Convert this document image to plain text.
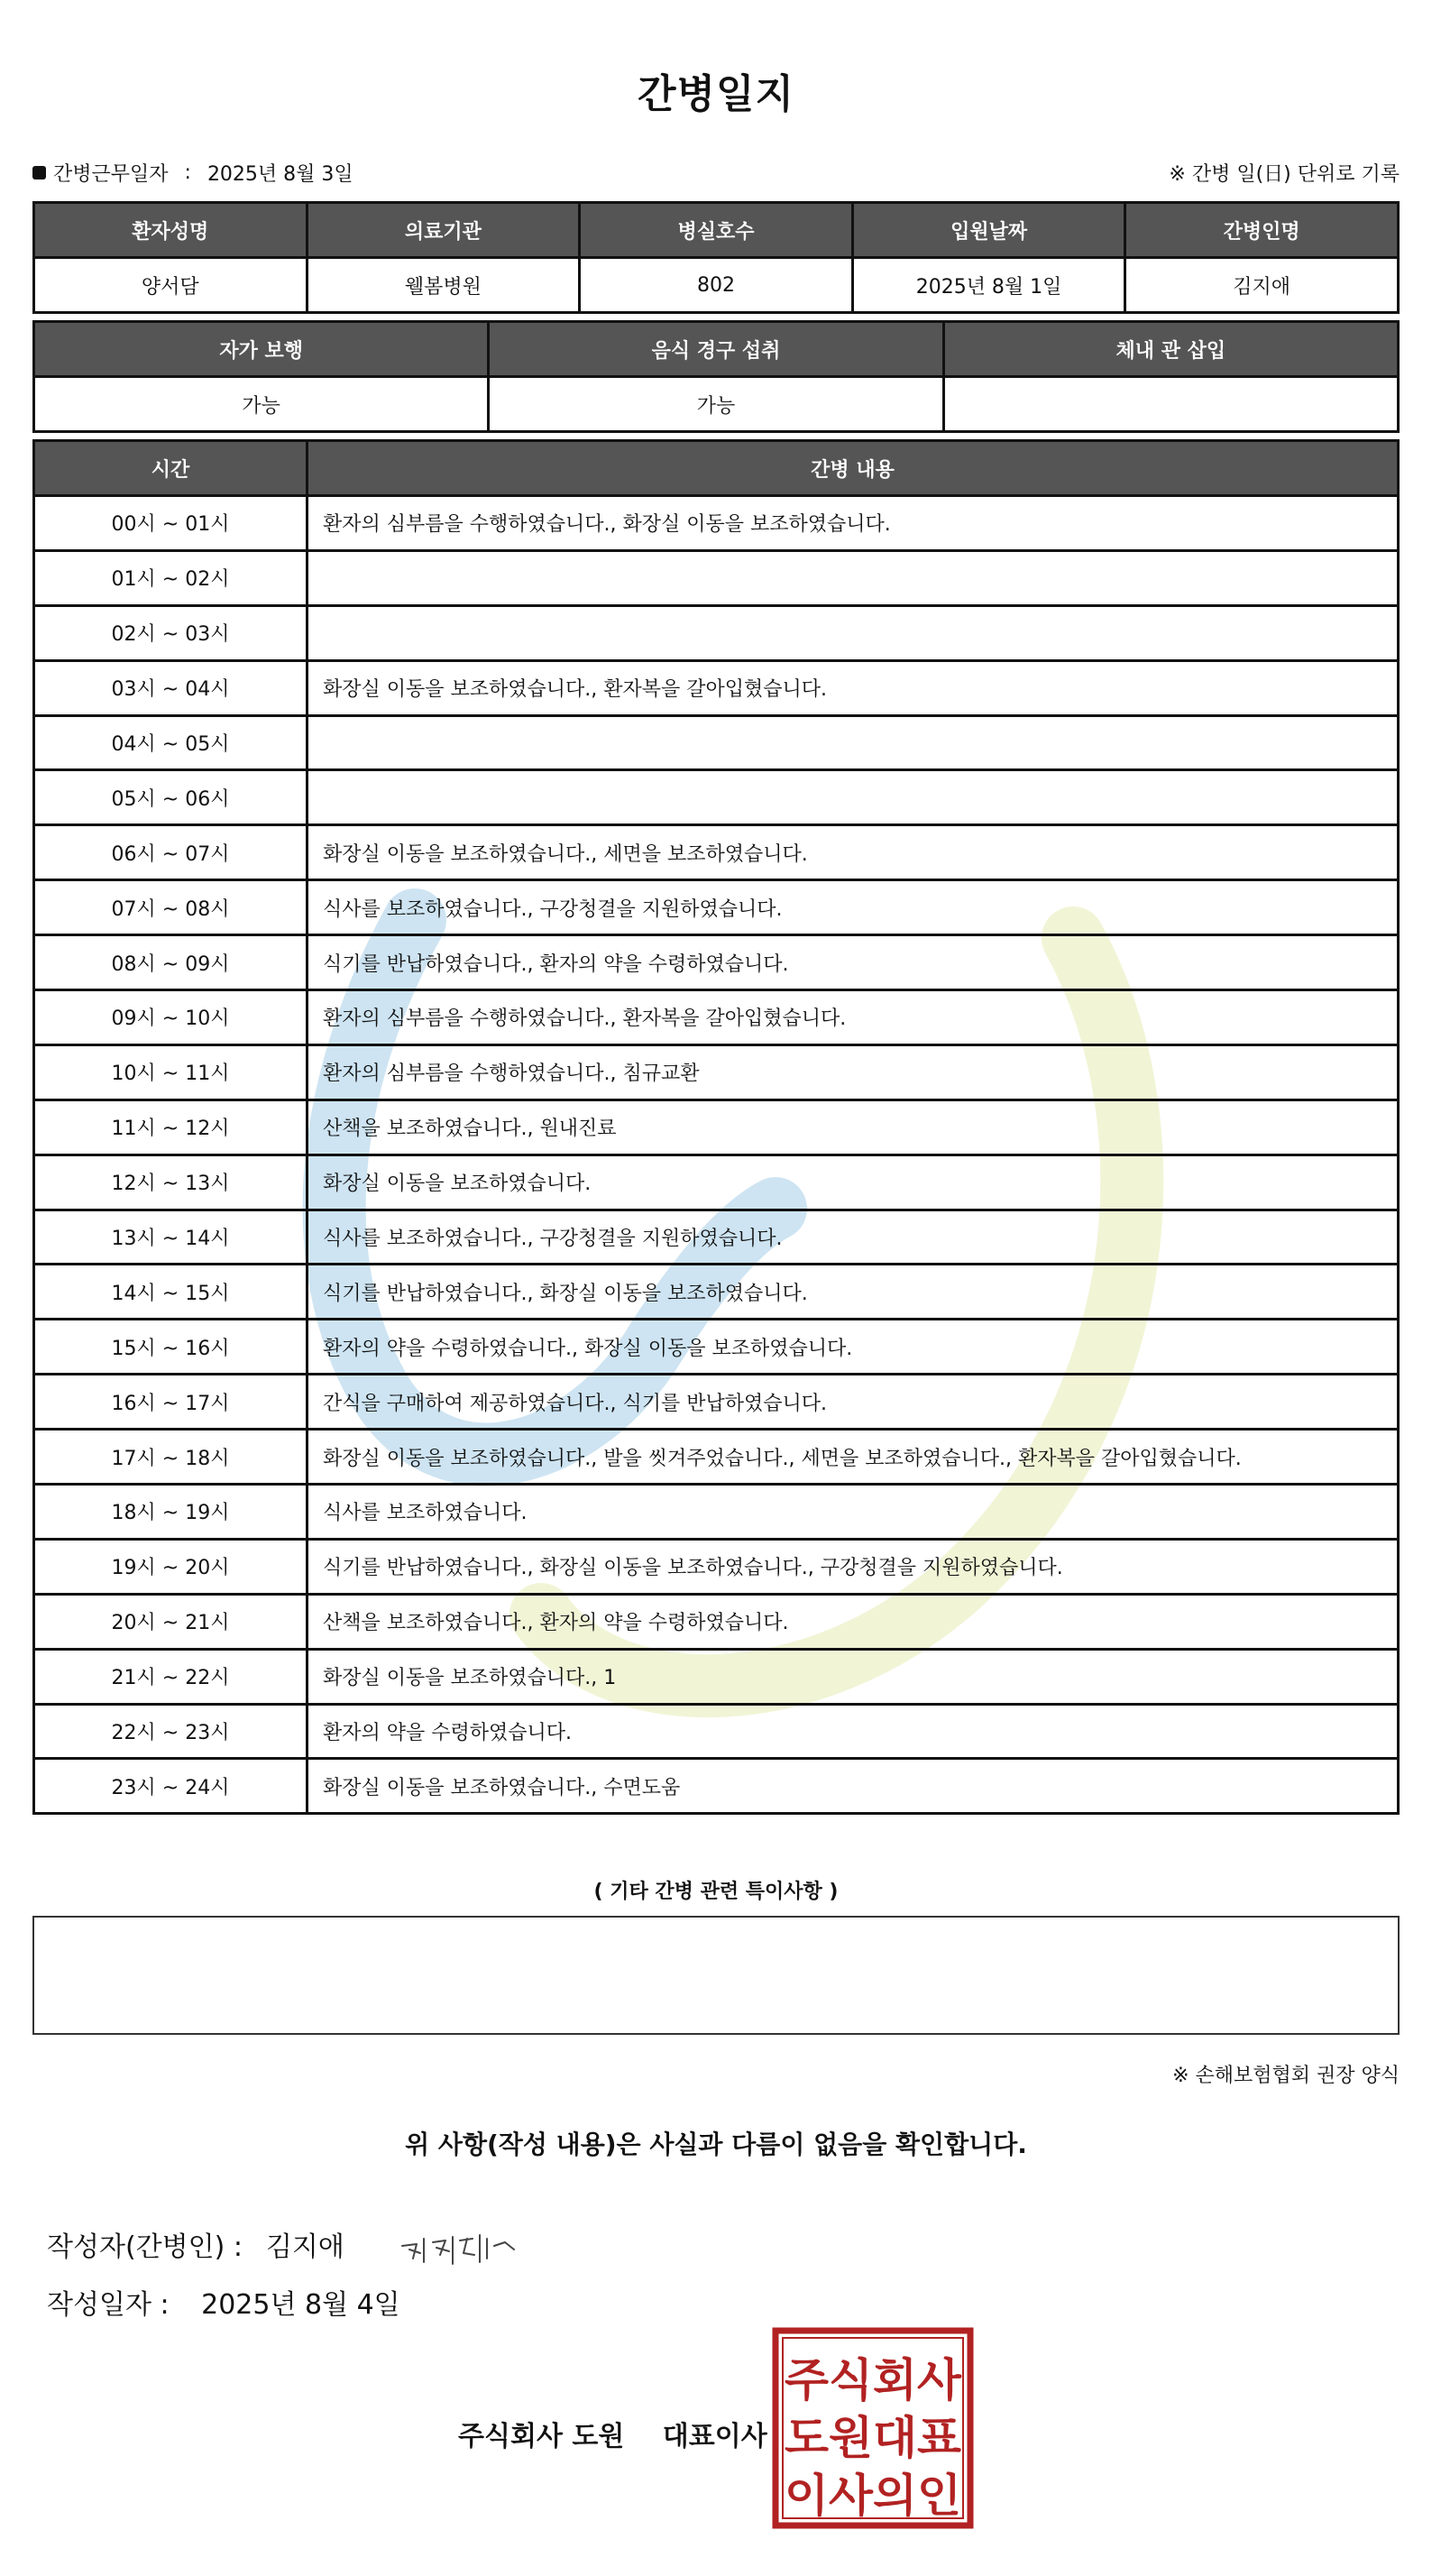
간병일지
간병근무일자 : 2025년 8월 3일	※ 간병 일(日) 단위로 기록
환자성명	의료기관	병실호수	입원날짜	간병인명
양서담	웰봄병원	802	2025년 8월 1일	김지애
자가 보행	음식 경구 섭취	체내 관 삽입
가능	가능	
시간	간병 내용
00시 ~ 01시	환자의 심부름을 수행하였습니다., 화장실 이동을 보조하였습니다.
01시 ~ 02시	
02시 ~ 03시	
03시 ~ 04시	화장실 이동을 보조하였습니다., 환자복을 갈아입혔습니다.
04시 ~ 05시	
05시 ~ 06시	
06시 ~ 07시	화장실 이동을 보조하였습니다., 세면을 보조하였습니다.
07시 ~ 08시	식사를 보조하였습니다., 구강청결을 지원하였습니다.
08시 ~ 09시	식기를 반납하였습니다., 환자의 약을 수령하였습니다.
09시 ~ 10시	환자의 심부름을 수행하였습니다., 환자복을 갈아입혔습니다.
10시 ~ 11시	환자의 심부름을 수행하였습니다., 침규교환
11시 ~ 12시	산책을 보조하였습니다., 원내진료
12시 ~ 13시	화장실 이동을 보조하였습니다.
13시 ~ 14시	식사를 보조하였습니다., 구강청결을 지원하였습니다.
14시 ~ 15시	식기를 반납하였습니다., 화장실 이동을 보조하였습니다.
15시 ~ 16시	환자의 약을 수령하였습니다., 화장실 이동을 보조하였습니다.
16시 ~ 17시	간식을 구매하여 제공하였습니다., 식기를 반납하였습니다.
17시 ~ 18시	화장실 이동을 보조하였습니다., 발을 씻겨주었습니다., 세면을 보조하였습니다., 환자복을 갈아입혔습니다.
18시 ~ 19시	식사를 보조하였습니다.
19시 ~ 20시	식기를 반납하였습니다., 화장실 이동을 보조하였습니다., 구강청결을 지원하였습니다.
20시 ~ 21시	산책을 보조하였습니다., 환자의 약을 수령하였습니다.
21시 ~ 22시	화장실 이동을 보조하였습니다., 1
22시 ~ 23시	환자의 약을 수령하였습니다.
23시 ~ 24시	화장실 이동을 보조하였습니다., 수면도움
( 기타 간병 관련 특이사항 )
※ 손해보험협회 권장 양식
위 사항(작성 내용)은 사실과 다름이 없음을 확인합니다.
작성자(간병인) : 김지애
작성일자 : 2025년 8월 4일
주식회사 도원 대표이사
주식회사
도원대표
이사의인
